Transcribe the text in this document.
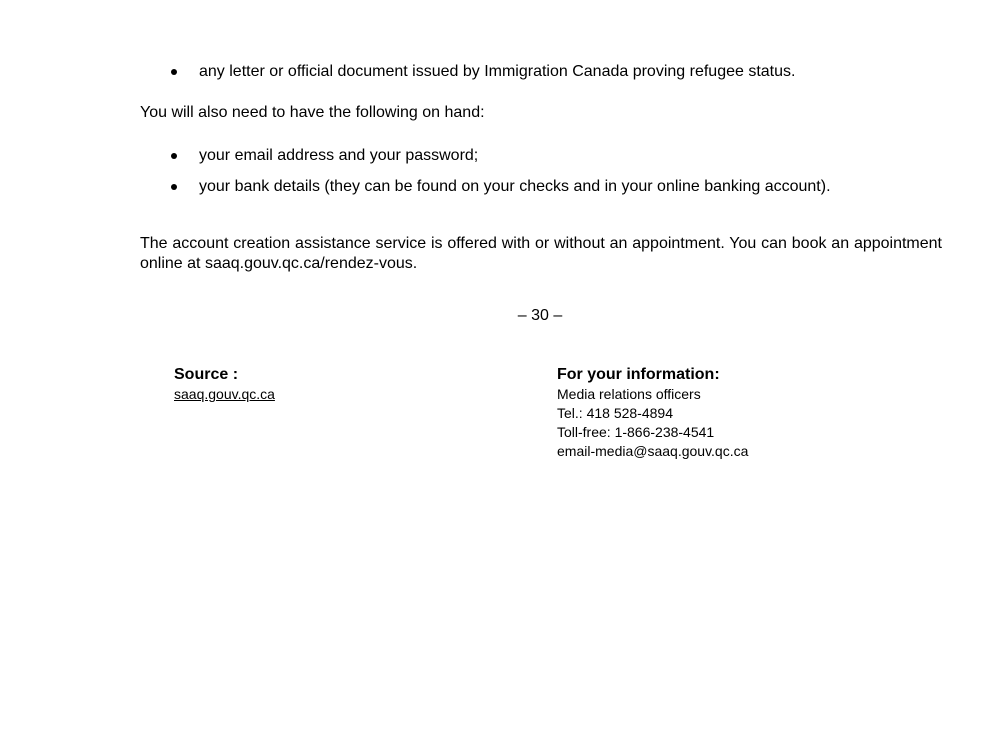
any letter or official document issued by Immigration Canada proving refugee status.

You will also need to have the following on hand:

your email address and your password;
your bank details (they can be found on your checks and in your online banking account).

The account creation assistance service is offered with or without an appointment. You can book an appointment online at saaq.gouv.qc.ca/rendez-vous.

– 30 –
Source :
saaq.gouv.qc.ca
For your information:
Media relations officers
Tel.: 418 528-4894
Toll-free: 1-866-238-4541
email-media@saaq.gouv.qc.ca
